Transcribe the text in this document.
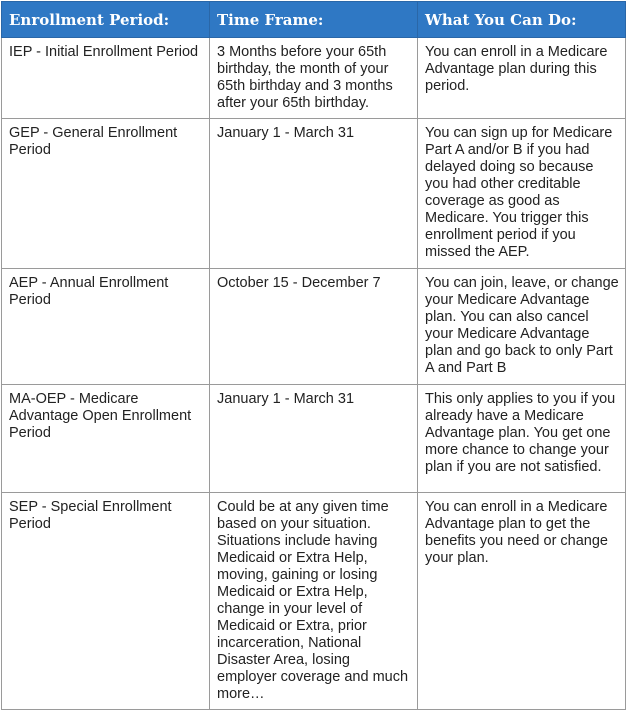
Enrollment Period:	Time Frame:	What You Can Do:
IEP - Initial Enrollment Period	3 Months before your 65th birthday, the month of your 65th birthday and 3 months after your 65th birthday.	You can enroll in a Medicare Advantage plan during this period.
GEP - General Enrollment Period	January 1 - March 31	You can sign up for Medicare Part A and/or B if you had delayed doing so because you had other creditable coverage as good as Medicare. You trigger this enrollment period if you missed the AEP.
AEP - Annual Enrollment Period	October 15 - December 7	You can join, leave, or change your Medicare Advantage plan. You can also cancel your Medicare Advantage plan and go back to only Part A and Part B
MA-OEP - Medicare Advantage Open Enrollment Period	January 1 - March 31	This only applies to you if you already have a Medicare Advantage plan. You get one more chance to change your plan if you are not satisfied.
SEP - Special Enrollment Period	Could be at any given time based on your situation. Situations include having Medicaid or Extra Help, moving, gaining or losing Medicaid or Extra Help, change in your level of Medicaid or Extra, prior incarceration, National Disaster Area, losing employer coverage and much more…	You can enroll in a Medicare Advantage plan to get the benefits you need or change your plan.
